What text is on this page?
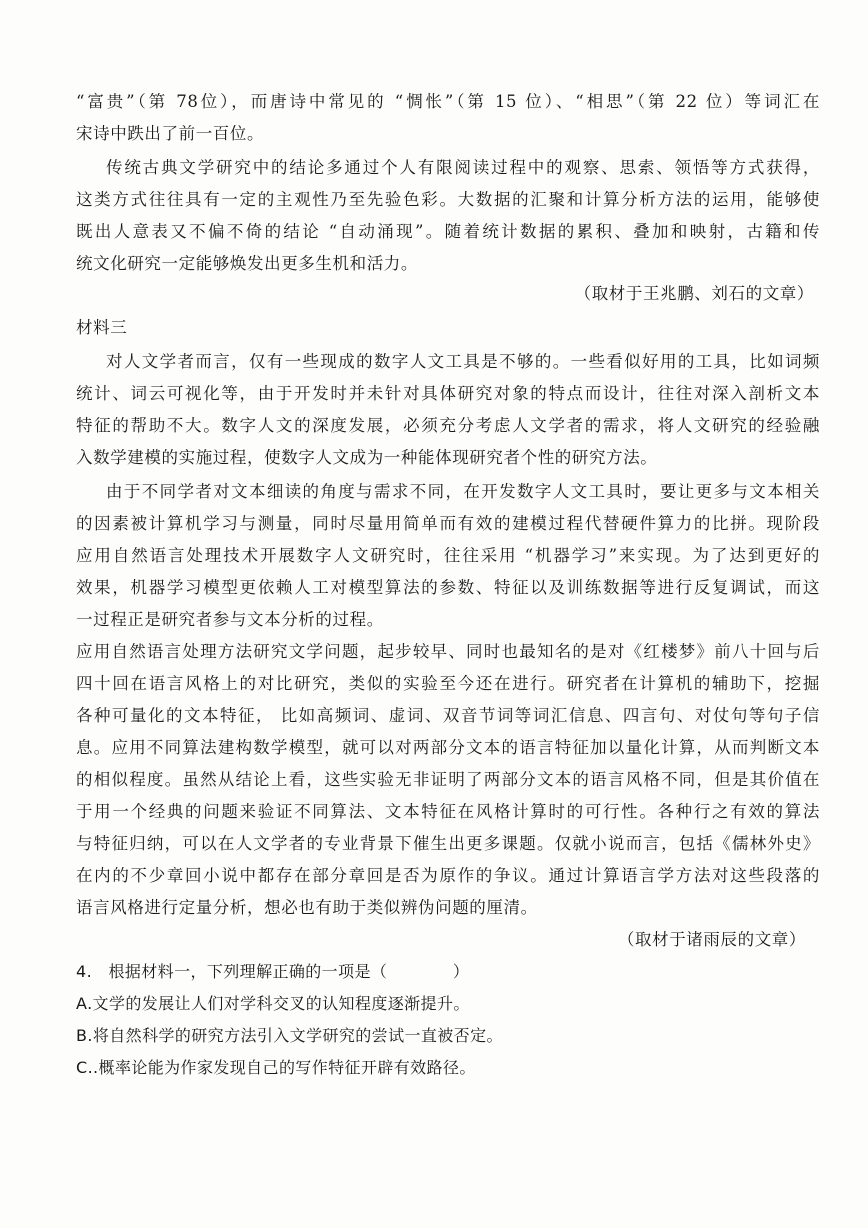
“富贵”（第 78位），而唐诗中常见的 “惆怅”（第 15 位）、“相思”（第 22 位）等词汇在
宋诗中跌出了前一百位。
传统古典文学研究中的结论多通过个人有限阅读过程中的观察、思索、领悟等方式获得，
这类方式往往具有一定的主观性乃至先验色彩。大数据的汇聚和计算分析方法的运用，能够使
既出人意表又不偏不倚的结论 “自动涌现”。随着统计数据的累积、叠加和映射，古籍和传
统文化研究一定能够焕发出更多生机和活力。
（取材于王兆鹏、刘石的文章）
材料三
对人文学者而言，仅有一些现成的数字人文工具是不够的。一些看似好用的工具，比如词频
统计、词云可视化等，由于开发时并未针对具体研究对象的特点而设计，往往对深入剖析文本
特征的帮助不大。数字人文的深度发展，必须充分考虑人文学者的需求，将人文研究的经验融
入数学建模的实施过程，使数字人文成为一种能体现研究者个性的研究方法。
由于不同学者对文本细读的角度与需求不同，在开发数字人文工具时，要让更多与文本相关
的因素被计算机学习与测量，同时尽量用简单而有效的建模过程代替硬件算力的比拼。现阶段
应用自然语言处理技术开展数字人文研究时，往往采用 “机器学习”来实现。为了达到更好的
效果，机器学习模型更依赖人工对模型算法的参数、特征以及训练数据等进行反复调试，而这
一过程正是研究者参与文本分析的过程。
应用自然语言处理方法研究文学问题，起步较早、同时也最知名的是对《红楼梦》前八十回与后
四十回在语言风格上的对比研究，类似的实验至今还在进行。研究者在计算机的辅助下，挖掘
各种可量化的文本特征， 比如高频词、虚词、双音节词等词汇信息、四言句、对仗句等句子信
息。应用不同算法建构数学模型，就可以对两部分文本的语言特征加以量化计算，从而判断文本
的相似程度。虽然从结论上看，这些实验无非证明了两部分文本的语言风格不同，但是其价值在
于用一个经典的问题来验证不同算法、文本特征在风格计算时的可行性。各种行之有效的算法
与特征归纳，可以在人文学者的专业背景下催生出更多课题。仅就小说而言，包括《儒林外史》
在内的不少章回小说中都存在部分章回是否为原作的争议。通过计算语言学方法对这些段落的
语言风格进行定量分析，想必也有助于类似辨伪问题的厘清。
（取材于诸雨辰的文章）
4.　根据材料一，下列理解正确的一项是（　　　　）
A.文学的发展让人们对学科交叉的认知程度逐渐提升。
B.将自然科学的研究方法引入文学研究的尝试一直被否定。
C..概率论能为作家发现自己的写作特征开辟有效路径。
